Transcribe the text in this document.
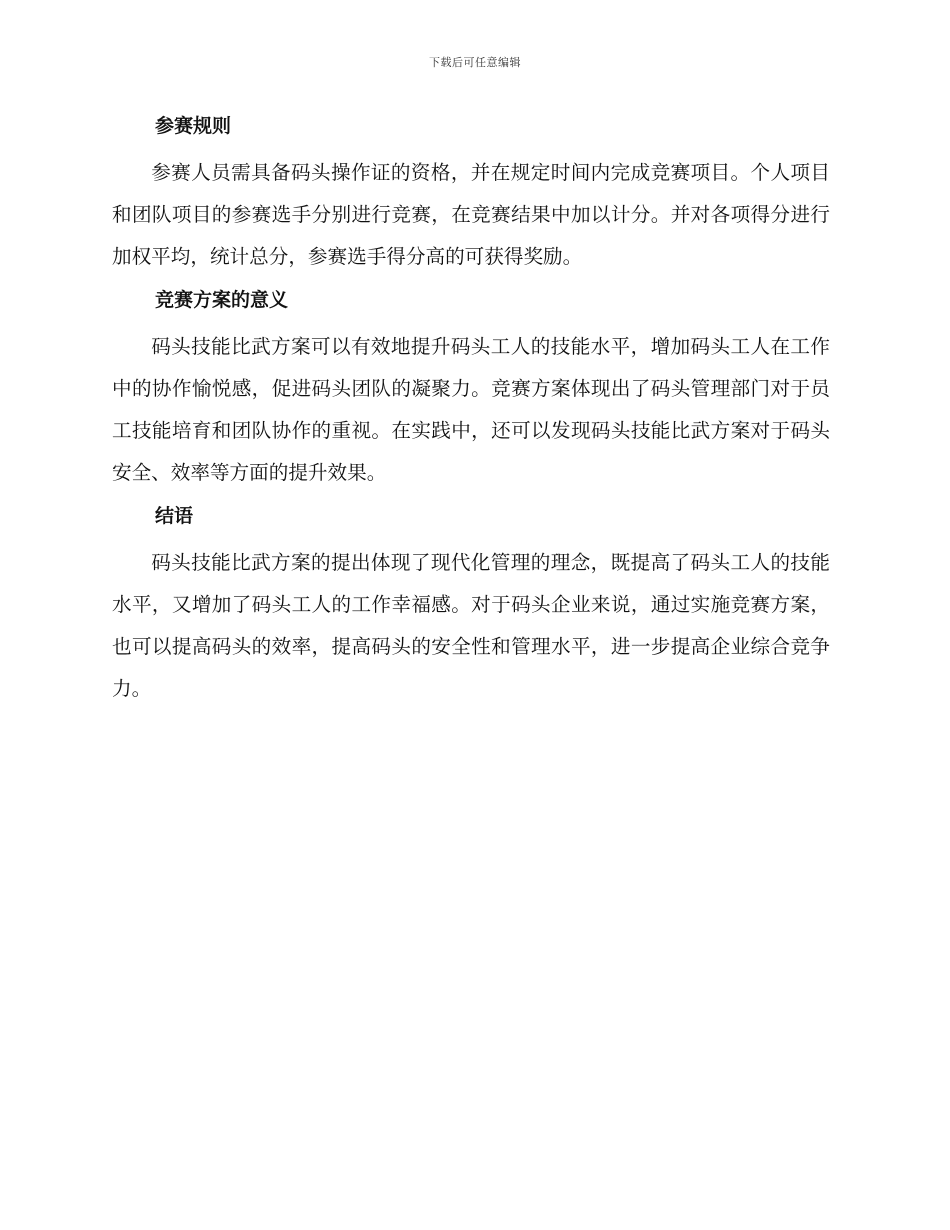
下载后可任意编辑
参赛规则

参赛人员需具备码头操作证的资格，并在规定时间内完成竞赛项目。个人项目和团队项目的参赛选手分别进行竞赛，在竞赛结果中加以计分。并对各项得分进行加权平均，统计总分，参赛选手得分高的可获得奖励。

竞赛方案的意义

码头技能比武方案可以有效地提升码头工人的技能水平，增加码头工人在工作中的协作愉悦感，促进码头团队的凝聚力。竞赛方案体现出了码头管理部门对于员工技能培育和团队协作的重视。在实践中，还可以发现码头技能比武方案对于码头安全、效率等方面的提升效果。

结语

码头技能比武方案的提出体现了现代化管理的理念，既提高了码头工人的技能水平，又增加了码头工人的工作幸福感。对于码头企业来说，通过实施竞赛方案，也可以提高码头的效率，提高码头的安全性和管理水平，进一步提高企业综合竞争力。
